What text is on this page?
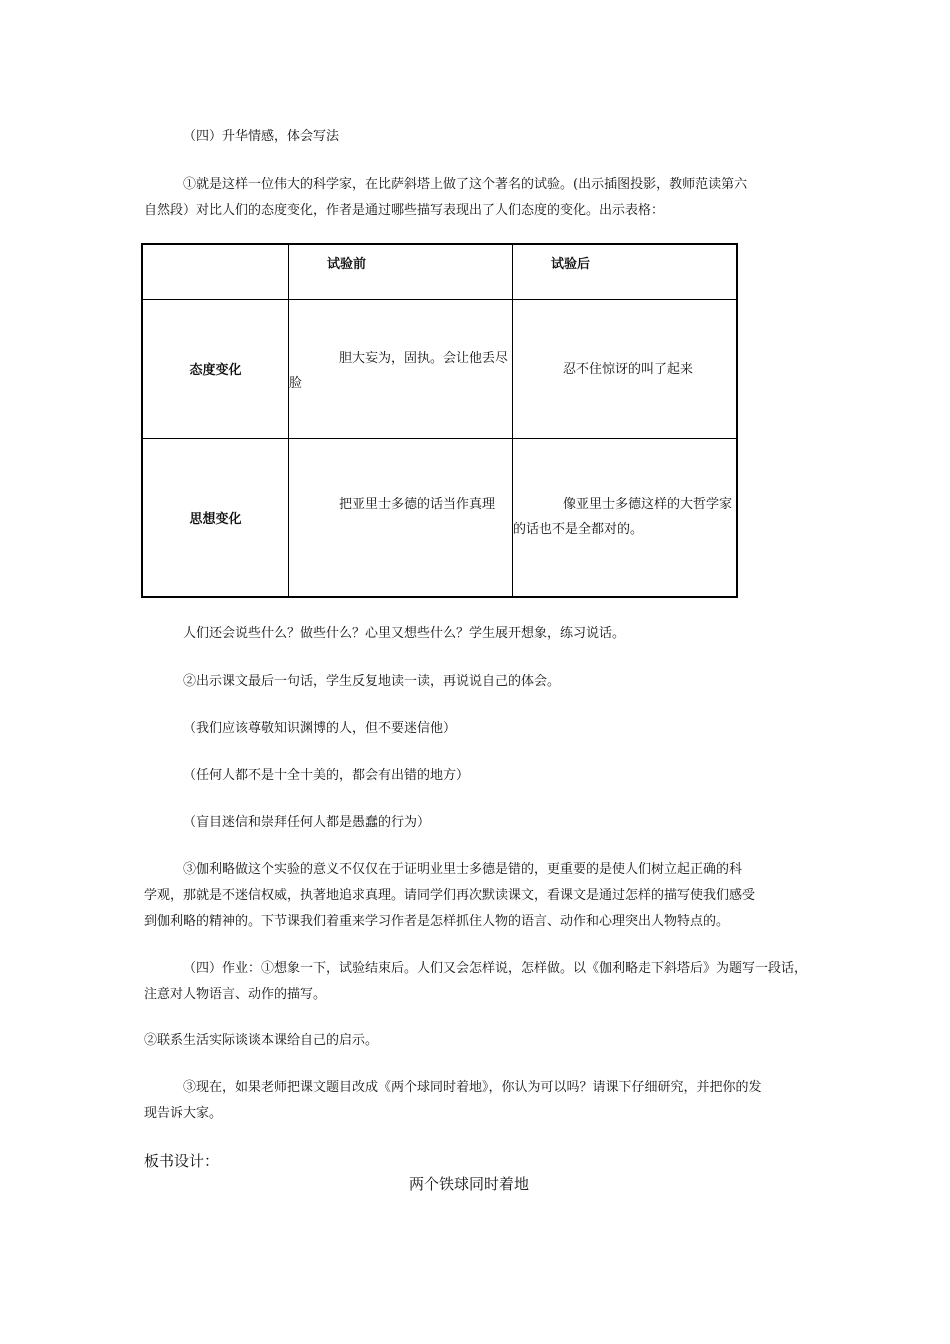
（四）升华情感，体会写法
①就是这样一位伟大的科学家，在比萨斜塔上做了这个著名的试验。(出示插图投影，教师范读第六
自然段）对比人们的态度变化，作者是通过哪些描写表现出了人们态度的变化。出示表格：

	试验前	试验后

态度变化	胆大妄为，固执。会让他丢尽脸	忍不住惊讶的叫了起来

思想变化	把亚里士多德的话当作真理	像亚里士多德这样的大哲学家的话也不是全都对的。
人们还会说些什么？做些什么？心里又想些什么？学生展开想象，练习说话。
②出示课文最后一句话，学生反复地读一读，再说说自己的体会。
（我们应该尊敬知识渊博的人，但不要迷信他）
（任何人都不是十全十美的，都会有出错的地方）
（盲目迷信和崇拜任何人都是愚蠢的行为）
③伽利略做这个实验的意义不仅仅在于证明业里士多德是错的，更重要的是使人们树立起正确的科
学观，那就是不迷信权威，执著地追求真理。请同学们再次默读课文，看课文是通过怎样的描写使我们感受
到伽利略的精神的。下节课我们着重来学习作者是怎样抓住人物的语言、动作和心理突出人物特点的。
（四）作业：①想象一下，试验结束后。人们又会怎样说，怎样做。以《伽利略走下斜塔后》为题写一段话，
注意对人物语言、动作的描写。
②联系生活实际谈谈本课给自己的启示。
③现在，如果老师把课文题目改成《两个球同时着地》，你认为可以吗？请课下仔细研究，并把你的发
现告诉大家。
板书设计：
两个铁球同时着地
